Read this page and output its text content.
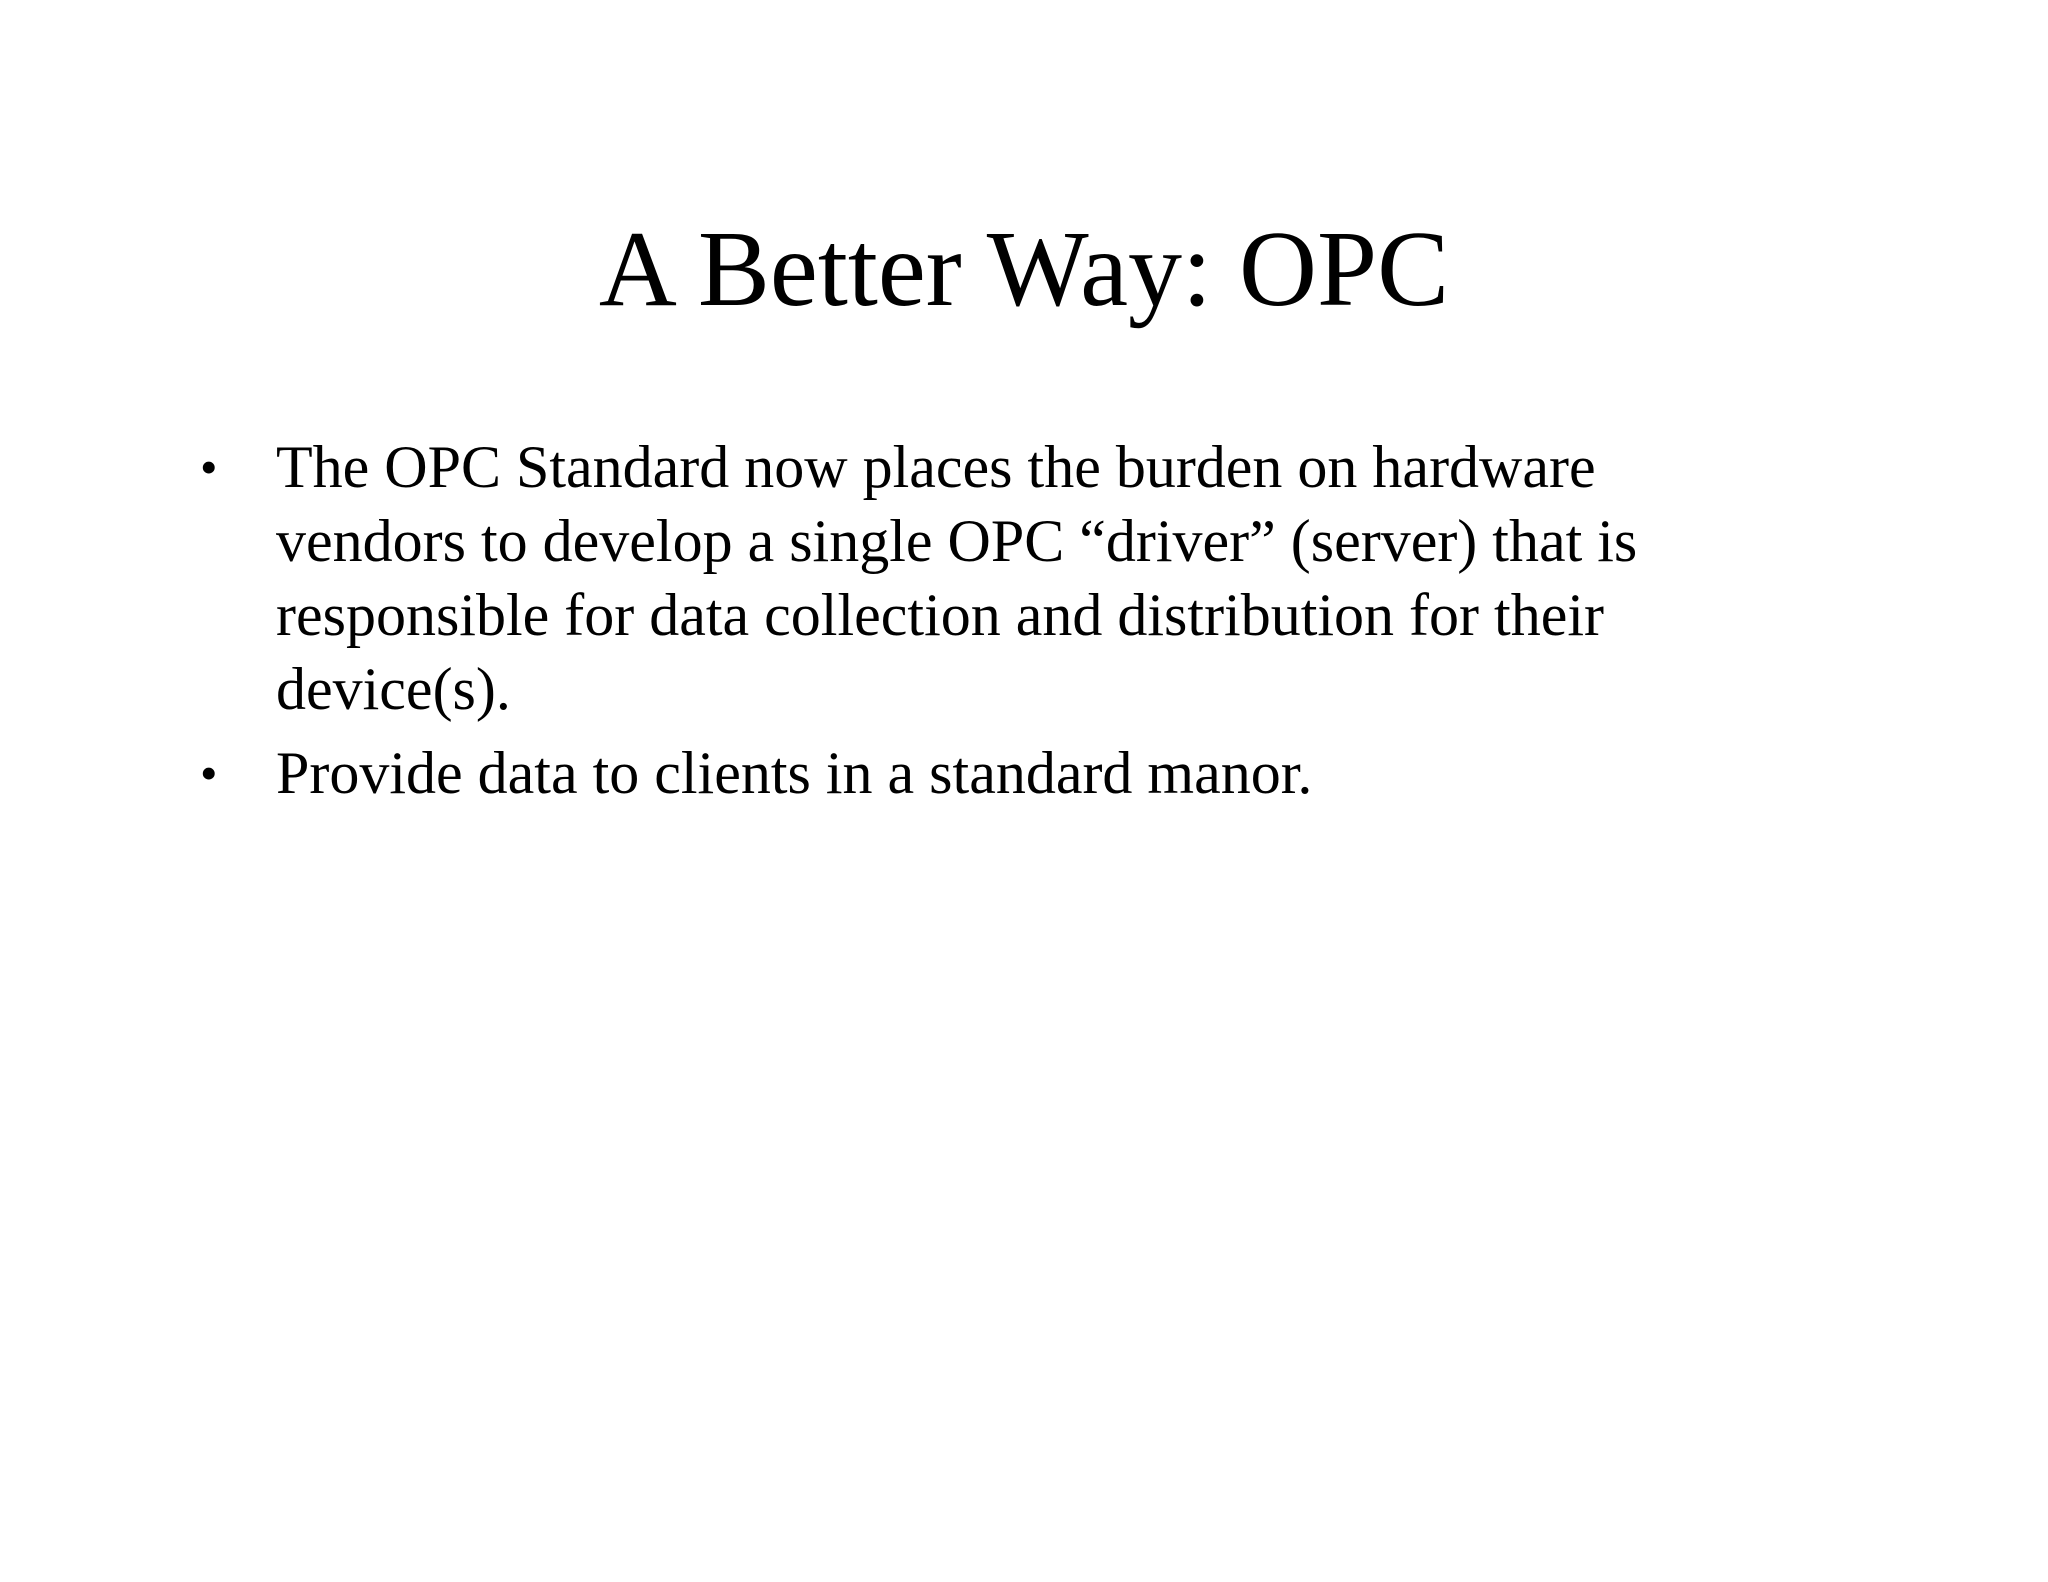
A Better Way: OPC
• The OPC Standard now places the burden on hardware vendors to develop a single OPC “driver” (server) that is responsible for data collection and distribution for their device(s).
• Provide data to clients in a standard manor.
